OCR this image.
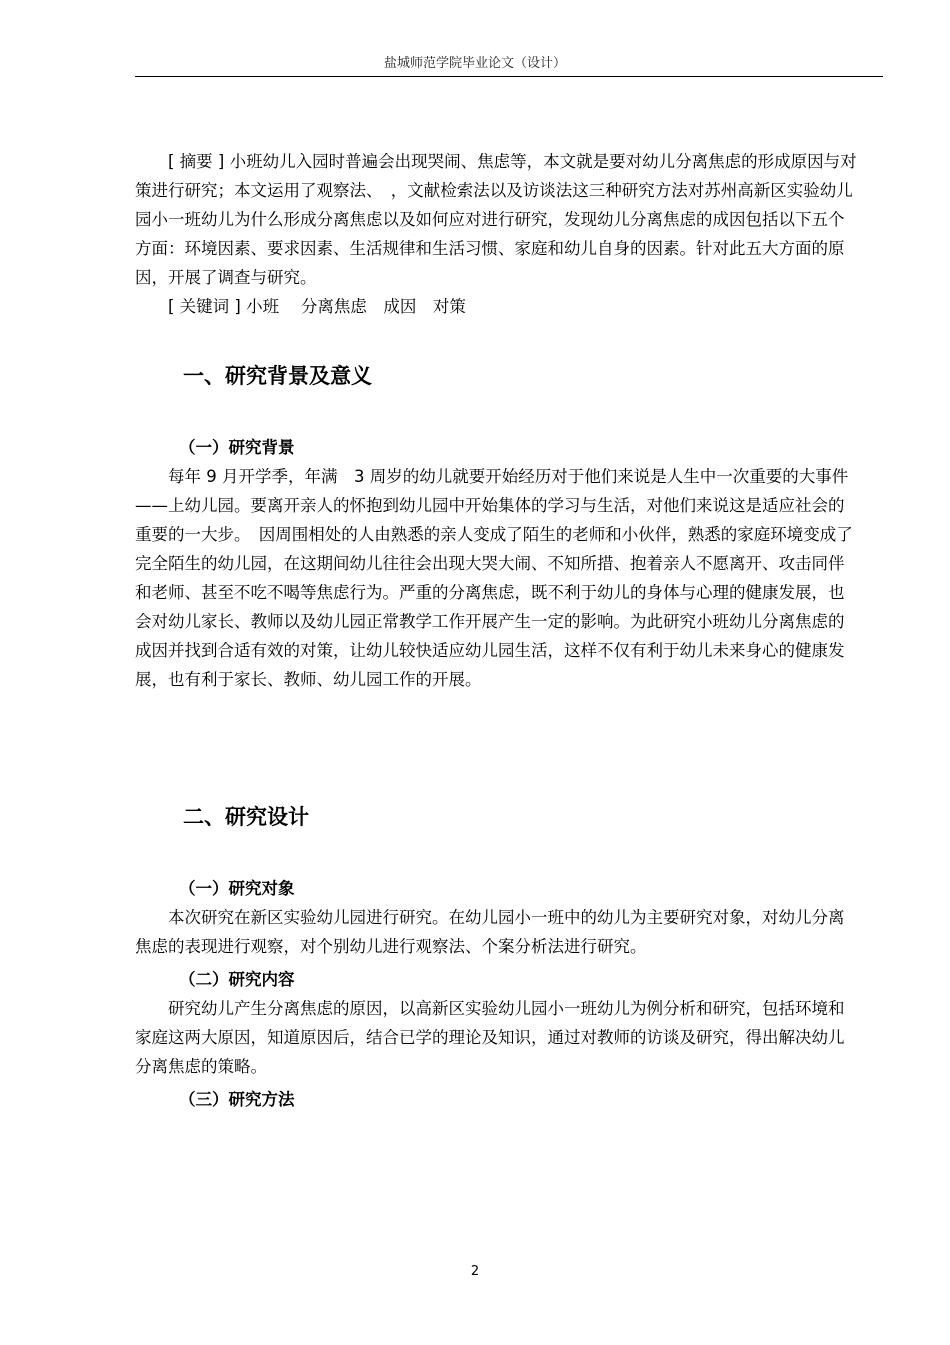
盐城师范学院毕业论文（设计）

[ 摘要 ] 小班幼儿入园时普遍会出现哭闹、焦虑等，本文就是要对幼儿分离焦虑的形成原因与对策进行研究；本文运用了观察法、　，文献检索法以及访谈法这三种研究方法对苏州高新区实验幼儿园小一班幼儿为什么形成分离焦虑以及如何应对进行研究，发现幼儿分离焦虑的成因包括以下五个方面：环境因素、要求因素、生活规律和生活习惯、家庭和幼儿自身的因素。针对此五大方面的原因，开展了调查与研究。

[ 关键词 ] 小班　 分离焦虑　成因　对策

一、研究背景及意义
（一）研究背景

每年 9 月开学季，年满　3 周岁的幼儿就要开始经历对于他们来说是人生中一次重要的大事件——上幼儿园。要离开亲人的怀抱到幼儿园中开始集体的学习与生活，对他们来说这是适应社会的重要的一大步。　因周围相处的人由熟悉的亲人变成了陌生的老师和小伙伴，熟悉的家庭环境变成了完全陌生的幼儿园，在这期间幼儿往往会出现大哭大闹、不知所措、抱着亲人不愿离开、攻击同伴和老师、甚至不吃不喝等焦虑行为。严重的分离焦虑，既不利于幼儿的身体与心理的健康发展，也会对幼儿家长、教师以及幼儿园正常教学工作开展产生一定的影响。为此研究小班幼儿分离焦虑的成因并找到合适有效的对策，让幼儿较快适应幼儿园生活，这样不仅有利于幼儿未来身心的健康发展，也有利于家长、教师、幼儿园工作的开展。

二、研究设计
（一）研究对象

本次研究在新区实验幼儿园进行研究。在幼儿园小一班中的幼儿为主要研究对象，对幼儿分离焦虑的表现进行观察，对个别幼儿进行观察法、个案分析法进行研究。

（二）研究内容

研究幼儿产生分离焦虑的原因，以高新区实验幼儿园小一班幼儿为例分析和研究，包括环境和家庭这两大原因，知道原因后，结合已学的理论及知识，通过对教师的访谈及研究，得出解决幼儿分离焦虑的策略。

（三）研究方法
2
